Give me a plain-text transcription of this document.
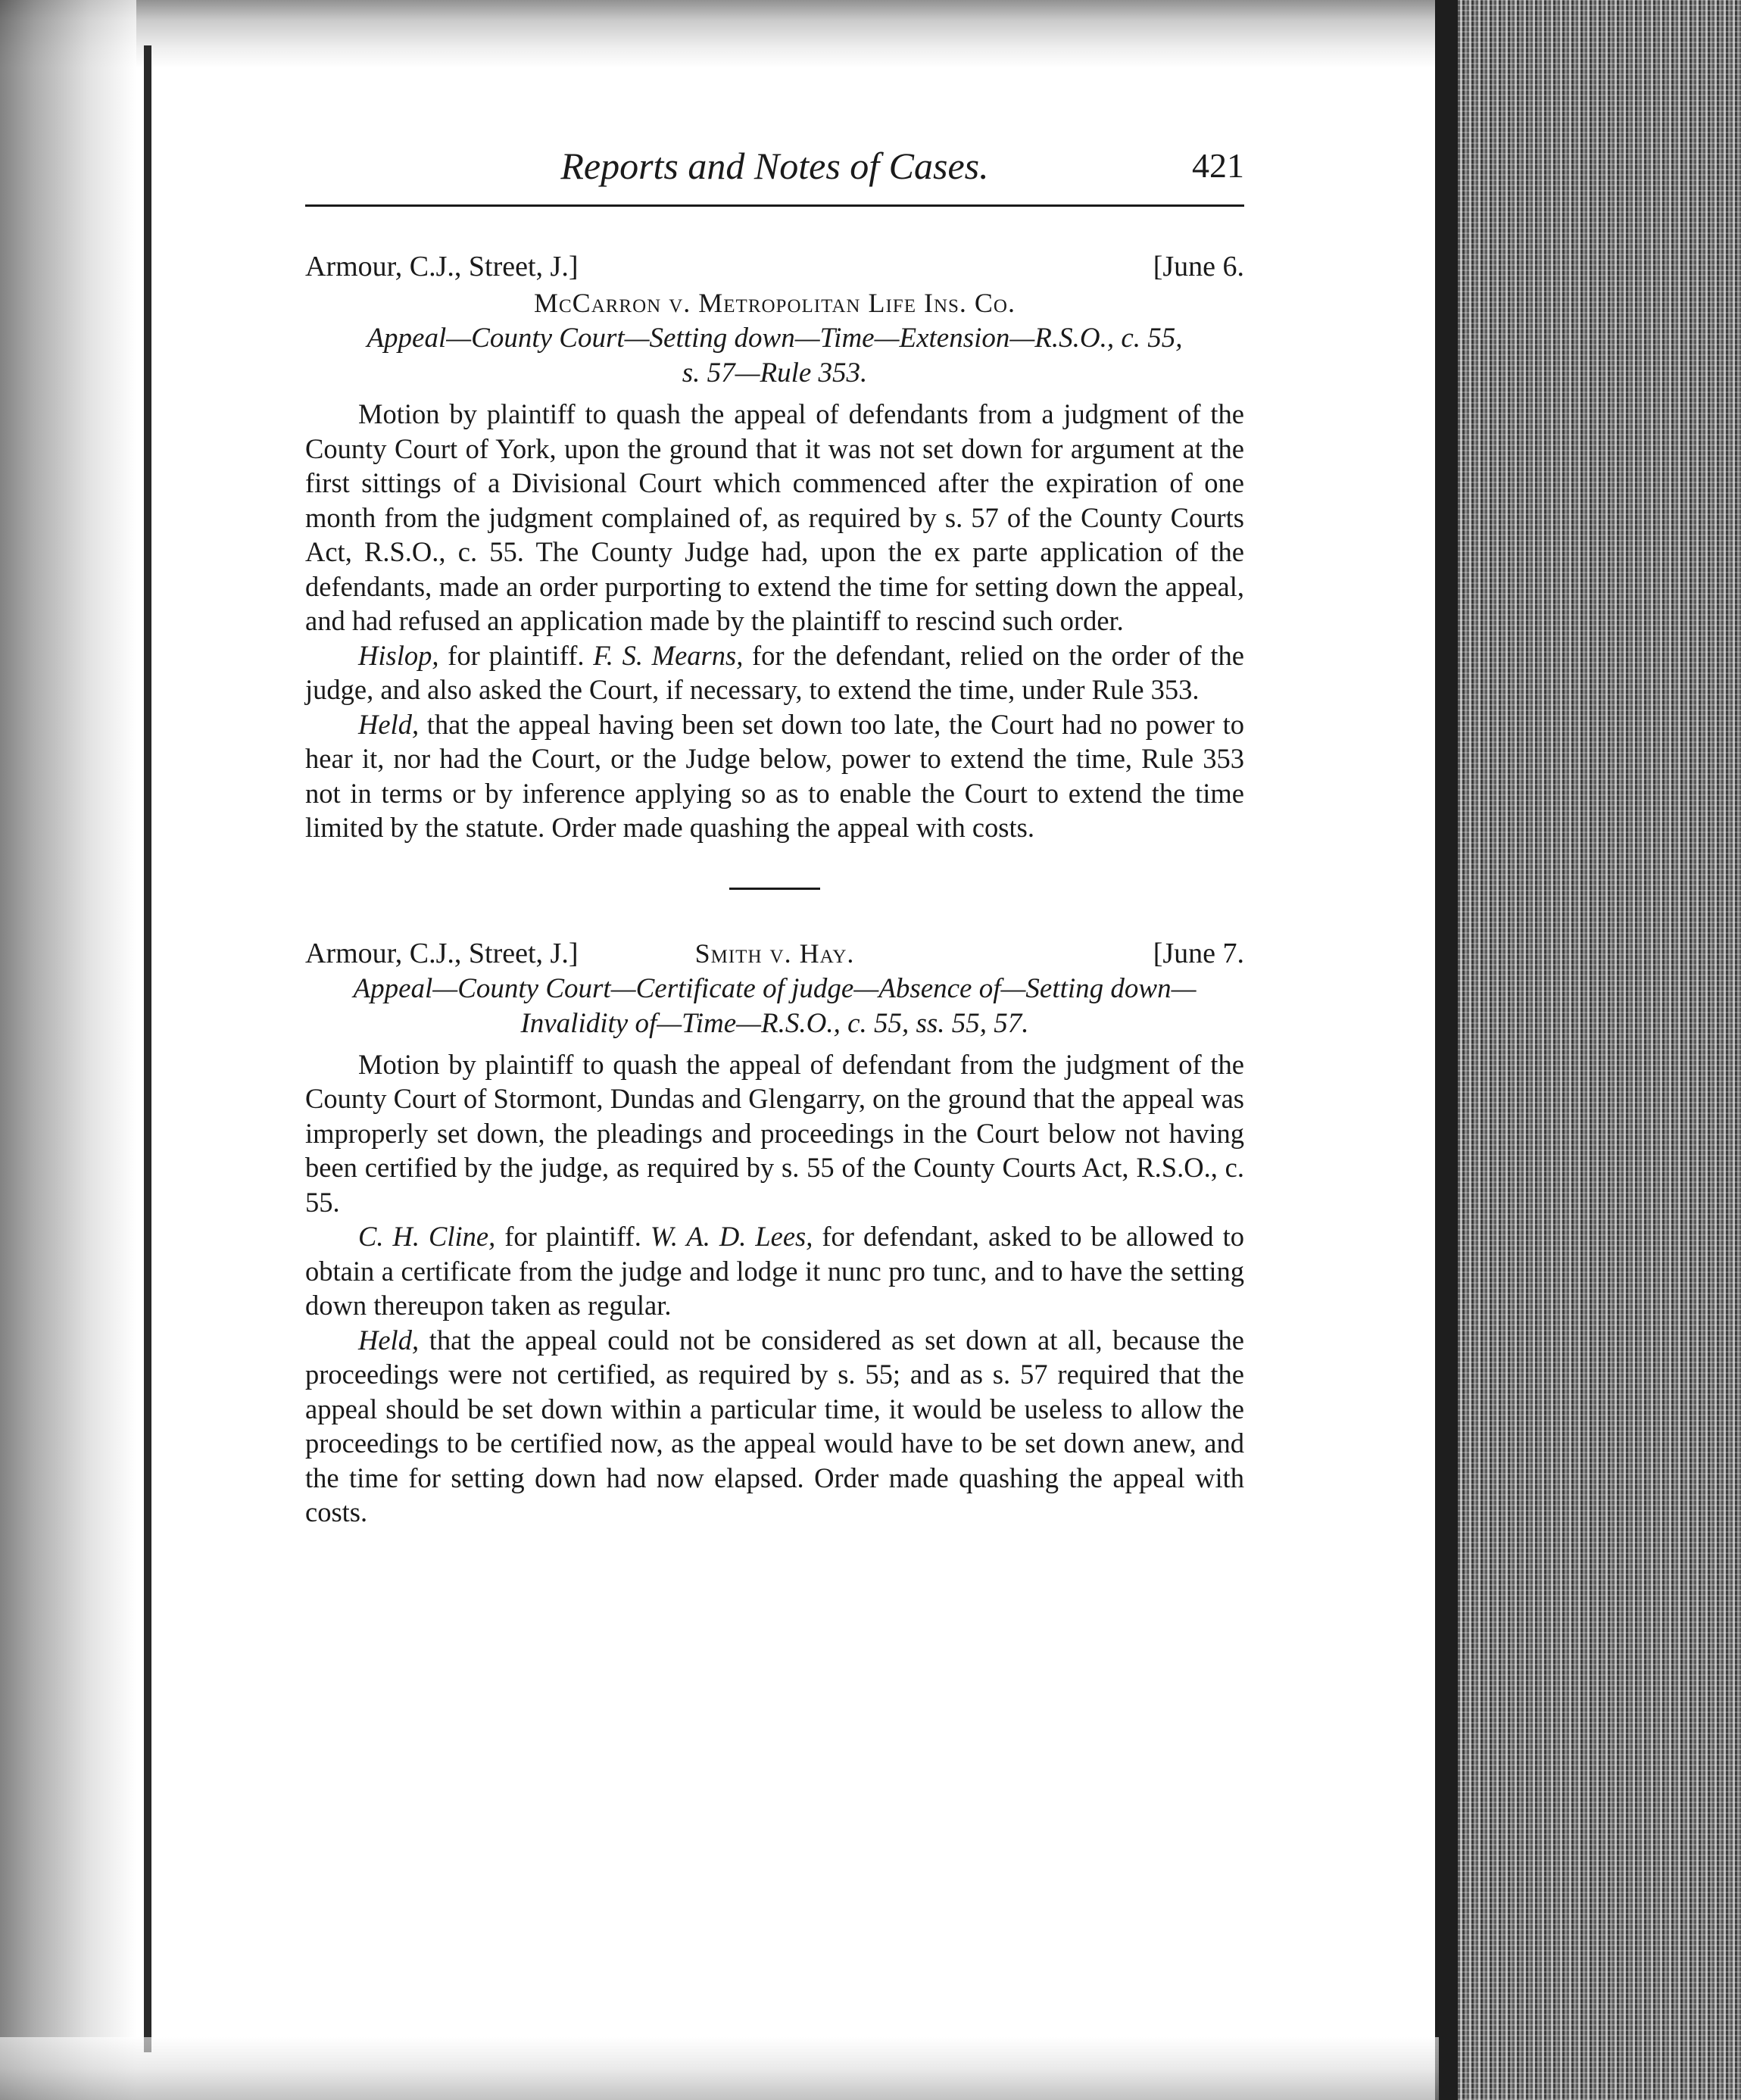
Reports and Notes of Cases.	421
Armour, C.J., Street, J.]	[June 6.
McCarron v. Metropolitan Life Ins. Co.
Appeal—County Court—Setting down—Time—Extension—R.S.O., c. 55,
s. 57—Rule 353.

Motion by plaintiff to quash the appeal of defendants from a judgment of the County Court of York, upon the ground that it was not set down for argument at the first sittings of a Divisional Court which commenced after the expiration of one month from the judgment complained of, as required by s. 57 of the County Courts Act, R.S.O., c. 55. The County Judge had, upon the ex parte application of the defendants, made an order purporting to extend the time for setting down the appeal, and had refused an application made by the plaintiff to rescind such order.

Hislop, for plaintiff. F. S. Mearns, for the defendant, relied on the order of the judge, and also asked the Court, if necessary, to extend the time, under Rule 353.

Held, that the appeal having been set down too late, the Court had no power to hear it, nor had the Court, or the Judge below, power to extend the time, Rule 353 not in terms or by inference applying so as to enable the Court to extend the time limited by the statute. Order made quashing the appeal with costs.

Armour, C.J., Street, J.]	Smith v. Hay.	[June 7.
Appeal—County Court—Certificate of judge—Absence of—Setting down—
Invalidity of—Time—R.S.O., c. 55, ss. 55, 57.

Motion by plaintiff to quash the appeal of defendant from the judgment of the County Court of Stormont, Dundas and Glengarry, on the ground that the appeal was improperly set down, the pleadings and proceedings in the Court below not having been certified by the judge, as required by s. 55 of the County Courts Act, R.S.O., c. 55.

C. H. Cline, for plaintiff. W. A. D. Lees, for defendant, asked to be allowed to obtain a certificate from the judge and lodge it nunc pro tunc, and to have the setting down thereupon taken as regular.

Held, that the appeal could not be considered as set down at all, because the proceedings were not certified, as required by s. 55; and as s. 57 required that the appeal should be set down within a particular time, it would be useless to allow the proceedings to be certified now, as the appeal would have to be set down anew, and the time for setting down had now elapsed. Order made quashing the appeal with costs.
